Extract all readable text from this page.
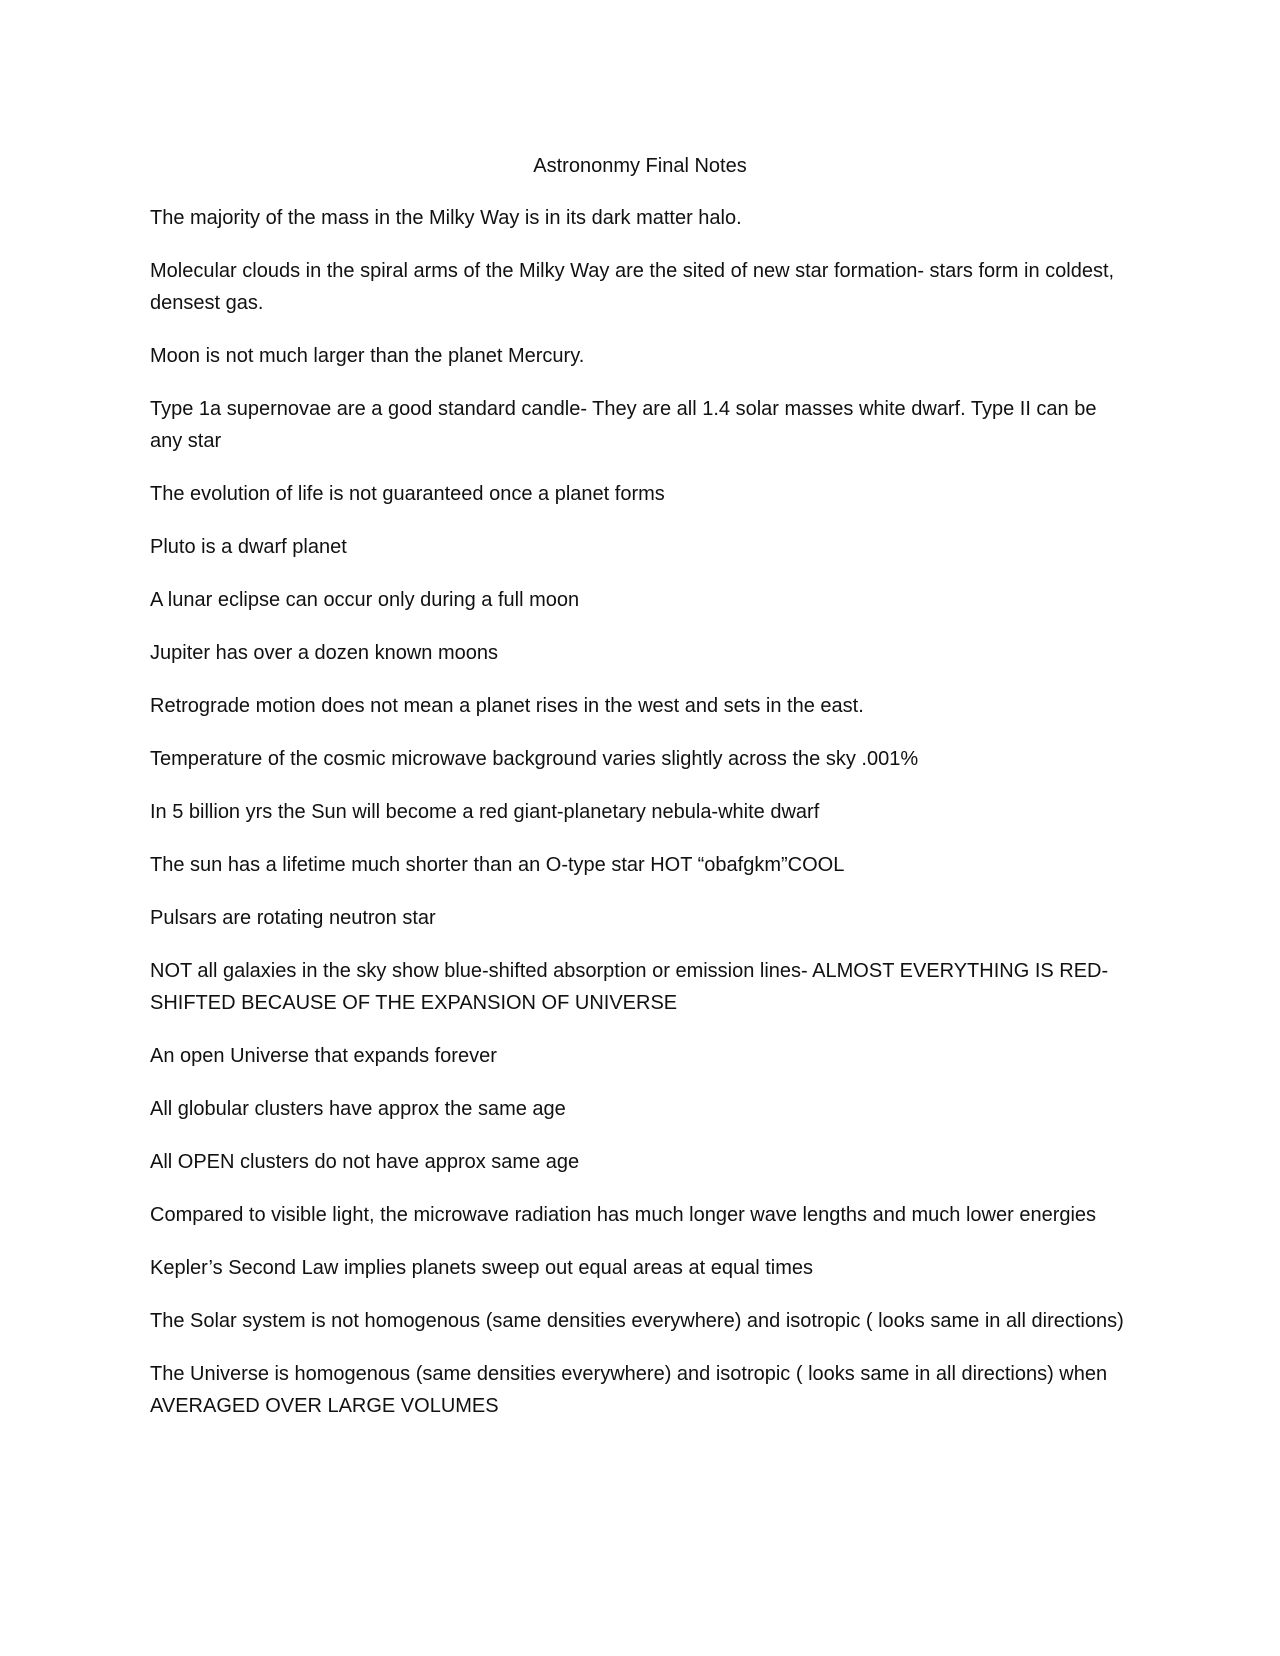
Astrononmy Final Notes

The majority of the mass in the Milky Way is in its dark matter halo.

Molecular clouds in the spiral arms of the Milky Way are the sited of new star formation- stars form in coldest, densest gas.

Moon is not much larger than the planet Mercury.

Type 1a supernovae are a good standard candle- They are all 1.4 solar masses white dwarf. Type II can be any star

The evolution of life is not guaranteed once a planet forms

Pluto is a dwarf planet

A lunar eclipse can occur only during a full moon

Jupiter has over a dozen known moons

Retrograde motion does not mean a planet rises in the west and sets in the east.

Temperature of the cosmic microwave background varies slightly across the sky .001%

In 5 billion yrs the Sun will become a red giant-planetary nebula-white dwarf

The sun has a lifetime much shorter than an O-type star HOT “obafgkm”COOL

Pulsars are rotating neutron star

NOT all galaxies in the sky show blue-shifted absorption or emission lines- ALMOST EVERYTHING IS RED-SHIFTED BECAUSE OF THE EXPANSION OF UNIVERSE

An open Universe that expands forever

All globular clusters have approx the same age

All OPEN clusters do not have approx same age

Compared to visible light, the microwave radiation has much longer wave lengths and much lower energies

Kepler’s Second Law implies planets sweep out equal areas at equal times

The Solar system is not homogenous (same densities everywhere) and isotropic ( looks same in all directions)

The Universe is homogenous (same densities everywhere) and isotropic ( looks same in all directions) when AVERAGED OVER LARGE VOLUMES
